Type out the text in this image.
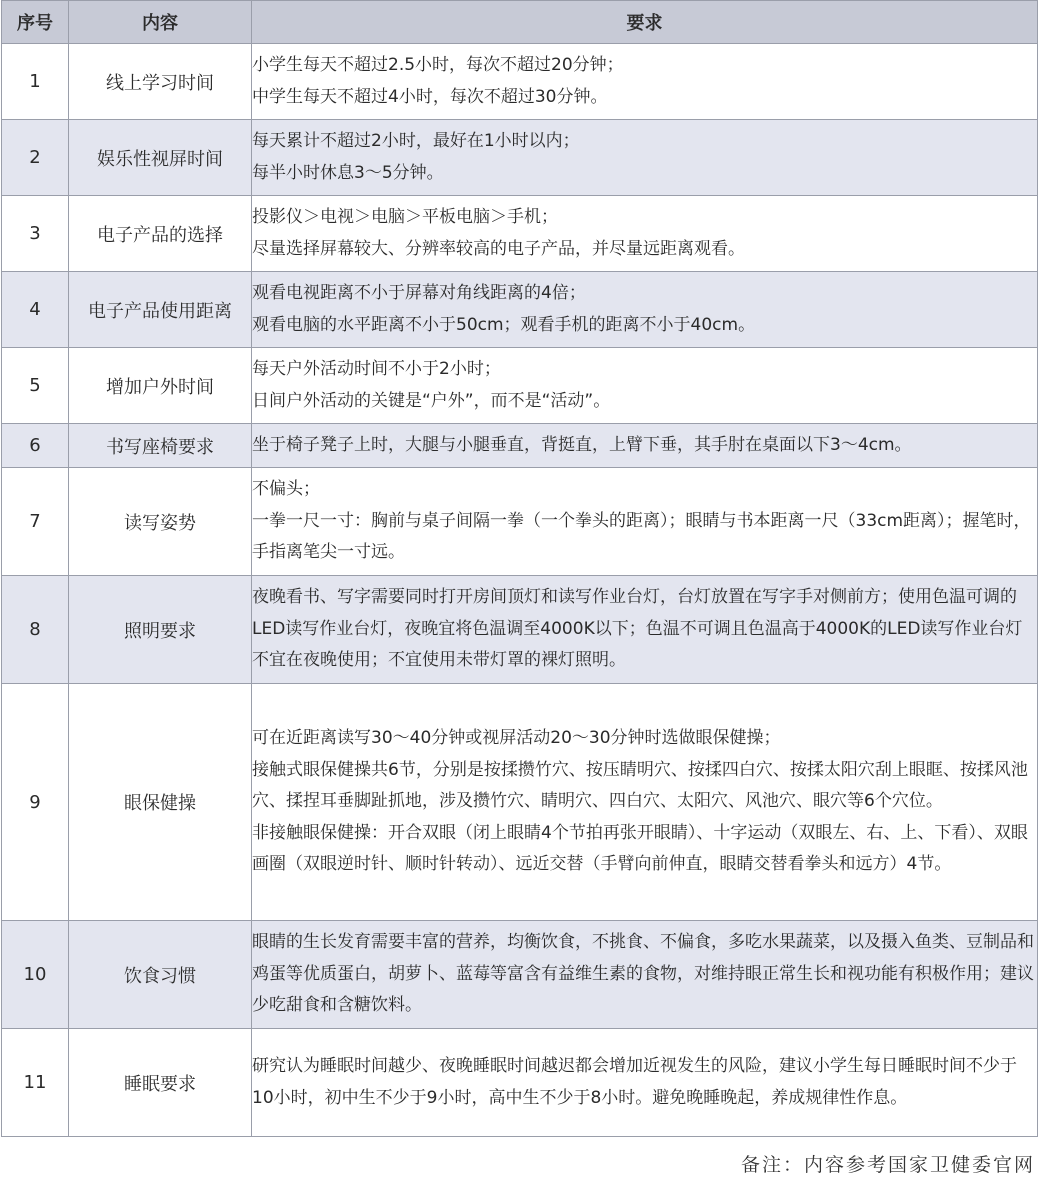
序号	内容	要求
1	线上学习时间	小学生每天不超过2.5小时，每次不超过20分钟；
中学生每天不超过4小时，每次不超过30分钟。

2	娱乐性视屏时间	每天累计不超过2小时，最好在1小时以内；
每半小时休息3～5分钟。

3	电子产品的选择	投影仪＞电视＞电脑＞平板电脑＞手机；
尽量选择屏幕较大、分辨率较高的电子产品，并尽量远距离观看。

4	电子产品使用距离	观看电视距离不小于屏幕对角线距离的4倍；
观看电脑的水平距离不小于50cm；观看手机的距离不小于40cm。

5	增加户外时间	每天户外活动时间不小于2小时；
日间户外活动的关键是“户外”，而不是“活动”。

6	书写座椅要求	坐于椅子凳子上时，大腿与小腿垂直，背挺直，上臂下垂，其手肘在桌面以下3～4cm。

7	读写姿势	不偏头；
一拳一尺一寸：胸前与桌子间隔一拳（一个拳头的距离）；眼睛与书本距离一尺（33cm距离）；握笔时，手指离笔尖一寸远。

8	照明要求	夜晚看书、写字需要同时打开房间顶灯和读写作业台灯，台灯放置在写字手对侧前方；使用色温可调的LED读写作业台灯，夜晚宜将色温调至4000K以下；色温不可调且色温高于4000K的LED读写作业台灯不宜在夜晚使用；不宜使用未带灯罩的裸灯照明。

9	眼保健操	可在近距离读写30～40分钟或视屏活动20～30分钟时选做眼保健操；
接触式眼保健操共6节，分别是按揉攒竹穴、按压睛明穴、按揉四白穴、按揉太阳穴刮上眼眶、按揉风池穴、揉捏耳垂脚趾抓地，涉及攒竹穴、睛明穴、四白穴、太阳穴、风池穴、眼穴等6个穴位。
非接触眼保健操：开合双眼（闭上眼睛4个节拍再张开眼睛）、十字运动（双眼左、右、上、下看）、双眼画圈（双眼逆时针、顺时针转动）、远近交替（手臂向前伸直，眼睛交替看拳头和远方）4节。

10	饮食习惯	眼睛的生长发育需要丰富的营养，均衡饮食，不挑食、不偏食，多吃水果蔬菜，以及摄入鱼类、豆制品和鸡蛋等优质蛋白，胡萝卜、蓝莓等富含有益维生素的食物，对维持眼正常生长和视功能有积极作用；建议少吃甜食和含糖饮料。

11	睡眠要求	研究认为睡眠时间越少、夜晚睡眠时间越迟都会增加近视发生的风险，建议小学生每日睡眠时间不少于10小时，初中生不少于9小时，高中生不少于8小时。避免晚睡晚起，养成规律性作息。
备注：内容参考国家卫健委官网
